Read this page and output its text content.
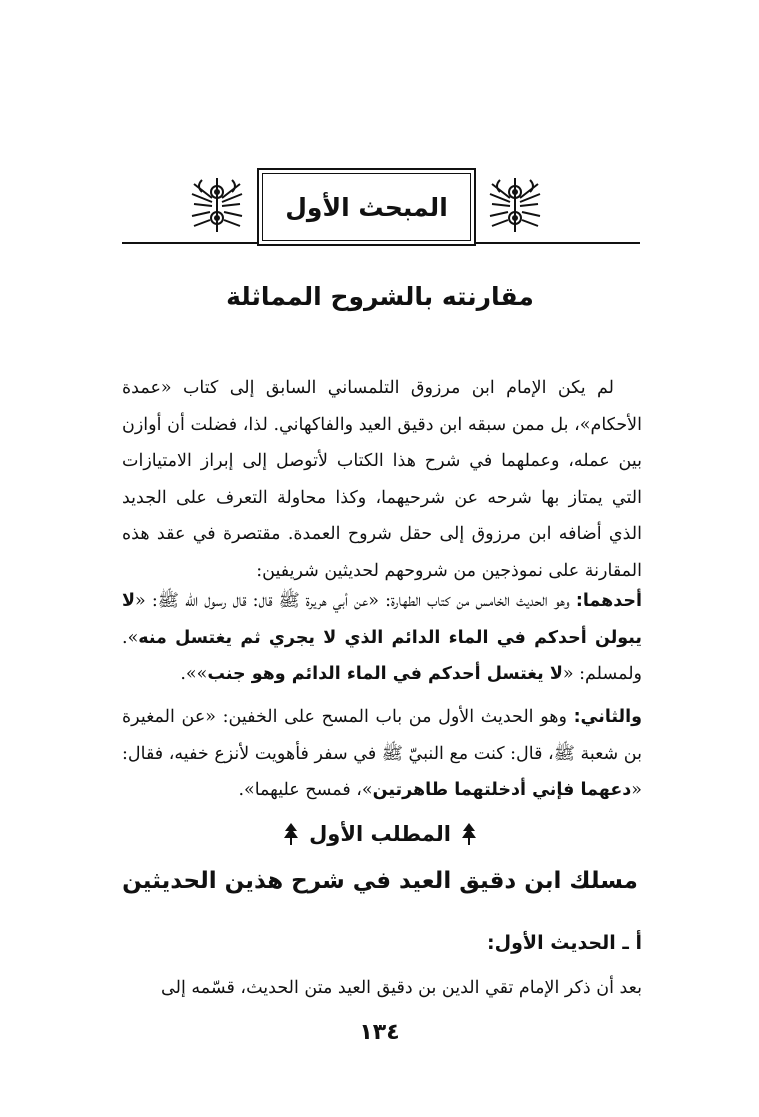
المبحث الأول
مقارنته بالشروح المماثلة

لم يكن الإمام ابن مرزوق التلمساني السابق إلى كتاب «عمدة الأحكام»، بل ممن سبقه ابن دقيق العيد والفاكهاني. لذا، فضلت أن أوازن بين عمله، وعملهما في شرح هذا الكتاب لأتوصل إلى إبراز الامتيازات التي يمتاز بها شرحه عن شرحيهما، وكذا محاولة التعرف على الجديد الذي أضافه ابن مرزوق إلى حقل شروح العمدة. مقتصرة في عقد هذه المقارنة على نموذجين من شروحهم لحديثين شريفين:

أحدهما: وهو الحديث الخامس من كتاب الطهارة: «عن أبي هريرة ﷺ قال: قال رسول الله ﷺ: «لا يبولن أحدكم في الماء الدائم الذي لا يجري ثم يغتسل منه». ولمسلم: «لا يغتسل أحدكم في الماء الدائم وهو جنب»».

والثاني: وهو الحديث الأول من باب المسح على الخفين: «عن المغيرة بن شعبة ﷺ، قال: كنت مع النبيّ ﷺ في سفر فأهويت لأنزع خفيه، فقال: «دعهما فإني أدخلتهما طاهرتين»، فمسح عليهما».

المطلب الأول
مسلك ابن دقيق العيد في شرح هذين الحديثين
أ ـ الحديث الأول:

بعد أن ذكر الإمام تقي الدين بن دقيق العيد متن الحديث، قسّمه إلى

١٣٤
